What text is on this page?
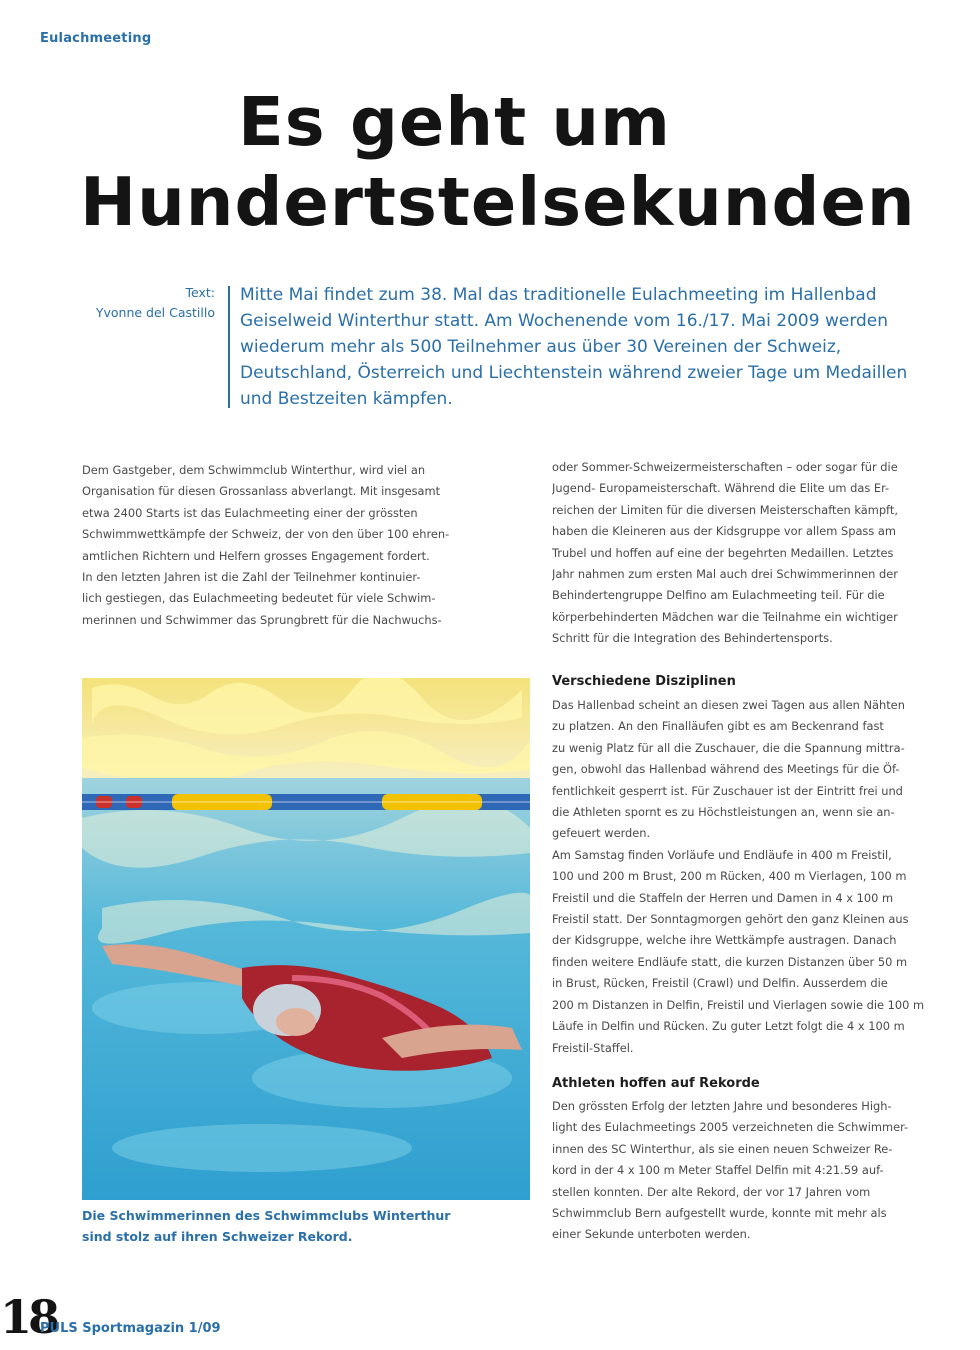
Eulachmeeting
Es geht um
Hundertstelsekunden
Text:
Yvonne del Castillo
Mitte Mai findet zum 38. Mal das traditionelle Eulachmeeting im Hallenbad
Geiselweid Winterthur statt. Am Wochenende vom 16./17. Mai 2009 werden
wiederum mehr als 500 Teilnehmer aus über 30 Vereinen der Schweiz,
Deutschland, Österreich und Liechtenstein während zweier Tage um Medaillen
und Bestzeiten kämpfen.
Dem Gastgeber, dem Schwimmclub Winterthur, wird viel an
Organisation für diesen Grossanlass abverlangt. Mit insgesamt
etwa 2400 Starts ist das Eulachmeeting einer der grössten
Schwimmwettkämpfe der Schweiz, der von den über 100 ehren-
amtlichen Richtern und Helfern grosses Engagement fordert.
In den letzten Jahren ist die Zahl der Teilnehmer kontinuier-
lich gestiegen, das Eulachmeeting bedeutet für viele Schwim-
merinnen und Schwimmer das Sprungbrett für die Nachwuchs-
Die Schwimmerinnen des Schwimmclubs Winterthur
sind stolz auf ihren Schweizer Rekord.
oder Sommer-Schweizermeisterschaften – oder sogar für die
Jugend- Europameisterschaft. Während die Elite um das Er-
reichen der Limiten für die diversen Meisterschaften kämpft,
haben die Kleineren aus der Kidsgruppe vor allem Spass am
Trubel und hoffen auf eine der begehrten Medaillen. Letztes
Jahr nahmen zum ersten Mal auch drei Schwimmerinnen der
Behindertengruppe Delfino am Eulachmeeting teil. Für die
körperbehinderten Mädchen war die Teilnahme ein wichtiger
Schritt für die Integration des Behindertensports.
Verschiedene Disziplinen
Das Hallenbad scheint an diesen zwei Tagen aus allen Nähten
zu platzen. An den Finalläufen gibt es am Beckenrand fast
zu wenig Platz für all die Zuschauer, die die Spannung mittra-
gen, obwohl das Hallenbad während des Meetings für die Öf-
fentlichkeit gesperrt ist. Für Zuschauer ist der Eintritt frei und
die Athleten spornt es zu Höchstleistungen an, wenn sie an-
gefeuert werden.
Am Samstag finden Vorläufe und Endläufe in 400 m Freistil,
100 und 200 m Brust, 200 m Rücken, 400 m Vierlagen, 100 m
Freistil und die Staffeln der Herren und Damen in 4 x 100 m
Freistil statt. Der Sonntagmorgen gehört den ganz Kleinen aus
der Kidsgruppe, welche ihre Wettkämpfe austragen. Danach
finden weitere Endläufe statt, die kurzen Distanzen über 50 m
in Brust, Rücken, Freistil (Crawl) und Delfin. Ausserdem die
200 m Distanzen in Delfin, Freistil und Vierlagen sowie die 100 m
Läufe in Delfin und Rücken. Zu guter Letzt folgt die 4 x 100 m
Freistil-Staffel.
Athleten hoffen auf Rekorde
Den grössten Erfolg der letzten Jahre und besonderes High-
light des Eulachmeetings 2005 verzeichneten die Schwimmer-
innen des SC Winterthur, als sie einen neuen Schweizer Re-
kord in der 4 x 100 m Meter Staffel Delfin mit 4:21.59 auf-
stellen konnten. Der alte Rekord, der vor 17 Jahren vom
Schwimmclub Bern aufgestellt wurde, konnte mit mehr als
einer Sekunde unterboten werden.
18
PULS Sportmagazin 1/09
